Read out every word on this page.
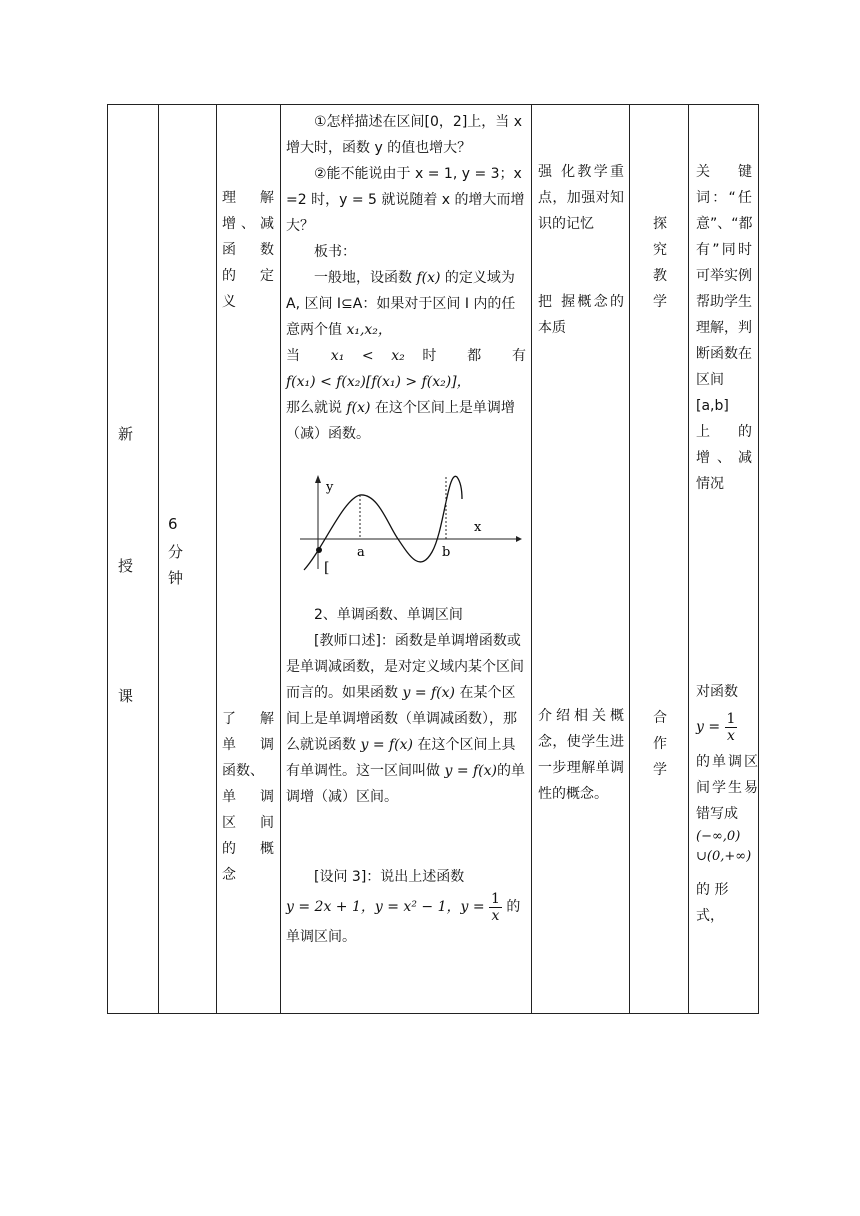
新
授
课
6
分
钟
理 解
增、减
函 数
的 定
义
了 解
单 调
函数、
单 调
区 间
的 概
念

①怎样描述在区间[0，2]上，当 x 增大时，函数 y 的值也增大？

②能不能说由于 x = 1, y = 3；x =2 时，y = 5 就说随着 x 的增大而增大？

板书：

一般地，设函数 f(x) 的定义域为 A, 区间 I⊆A：如果对于区间 I 内的任意两个值 x₁,x₂，

当 x₁ < x₂ 时 都 有

f(x₁) < f(x₂)[f(x₁) > f(x₂)]，

那么就说 f(x) 在这个区间上是单调增（减）函数。

y
x
a	b
[

2、单调函数、单调区间

[教师口述]：函数是单调增函数或是单调减函数，是对定义域内某个区间而言的。如果函数 y = f(x) 在某个区间上是单调增函数（单调减函数），那么就说函数 y = f(x) 在这个区间上具有单调性。这一区间叫做 y = f(x)的单调增（减）区间。

[设问 3]：说出上述函数

y = 2x + 1，y = x² − 1，$y = \frac{1}{x}$ 的

单调区间。

强 化教学重点，加强对知识的记忆
把 握概念的本质
介绍相关概念，使学生进一步理解单调性的概念。
探
究
教
学
合
作
学
关 键 词：“任意”、“都有”同时可举实例帮助学生理解，判断函数在区间
[a,b]
上 的 增、减 情况
对函数
$y = \frac{1}{x}$
的单调区间学生易错写成
(−∞,0)
∪(0,+∞)
的 形 式，
